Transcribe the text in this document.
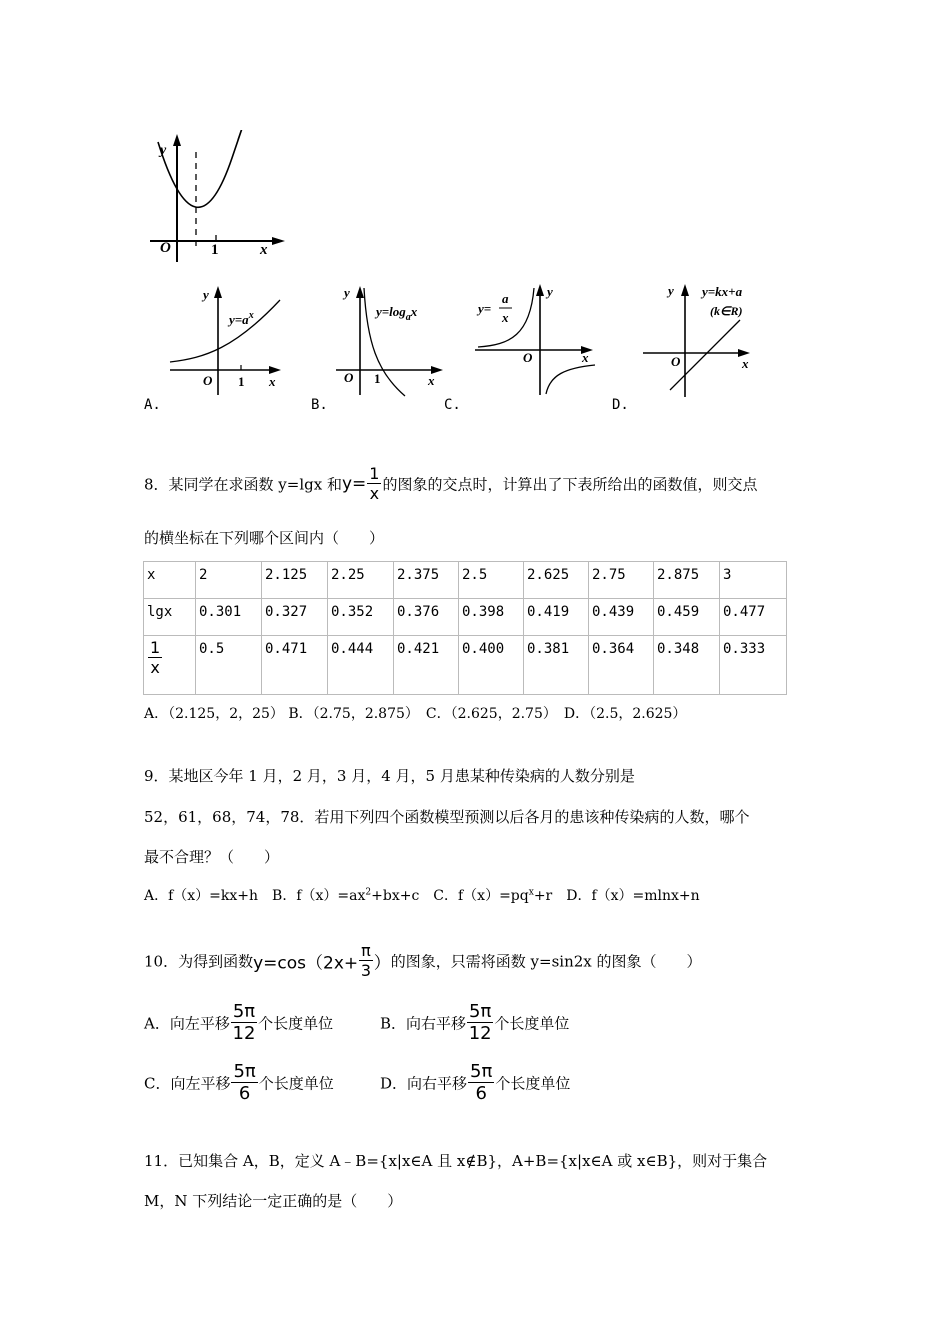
y
O	1	x
A.
y
$y=a^x$
O 1 x
B.
y
$y=\log_ax$
O 1	x
C.
y
y=
a
x
O	x
D.
y y=kx+a
(k∈R)
O	x
8．某同学在求函数 y=lgx 和$y= \frac{1}{x}$ 的图象的交点时，计算出了下表所给出的函数值，则交点
的横坐标在下列哪个区间内（　　）
x	2	2.125	2.25	2.375	2.5	2.625	2.75	2.875	3
lgx	0.301	0.327	0.352	0.376	0.398	0.419	0.439	0.459	0.477

$\frac{1}{x}$	0.5	0.471	0.444	0.421	0.400	0.381	0.364	0.348	0.333
A．（2.125，2，25） B．（2.75，2.875）　C．（2.625，2.75）　D．（2.5，2.625）
9．某地区今年 1 月，2 月，3 月，4 月，5 月患某种传染病的人数分别是
52，61，68，74，78．若用下列四个函数模型预测以后各月的患该种传染病的人数，哪个
最不合理？（　　）
A．f（x）=kx+h　B．$f(x)=ax^2+bx+c$　C．$f(x)=pq^x+r$　D．f（x）=mlnx+n
10．为得到函数$y=\cos(2x+ \frac{\pi}{3}$ ）的图象，只需将函数 y=sin2x 的图象（　　）
A．向左平移 $\frac{5\pi}{12}$ 个长度单位	B．向右平移 $\frac{5\pi}{12}$ 个长度单位
C．向左平移 $\frac{5\pi}{6}$ 个长度单位	D．向右平移 $\frac{5\pi}{6}$ 个长度单位
11．已知集合 A，B，定义 A﹣B={x|x∈A 且 x∉B}，A+B={x|x∈A 或 x∈B}，则对于集合
M，N 下列结论一定正确的是（　　）
